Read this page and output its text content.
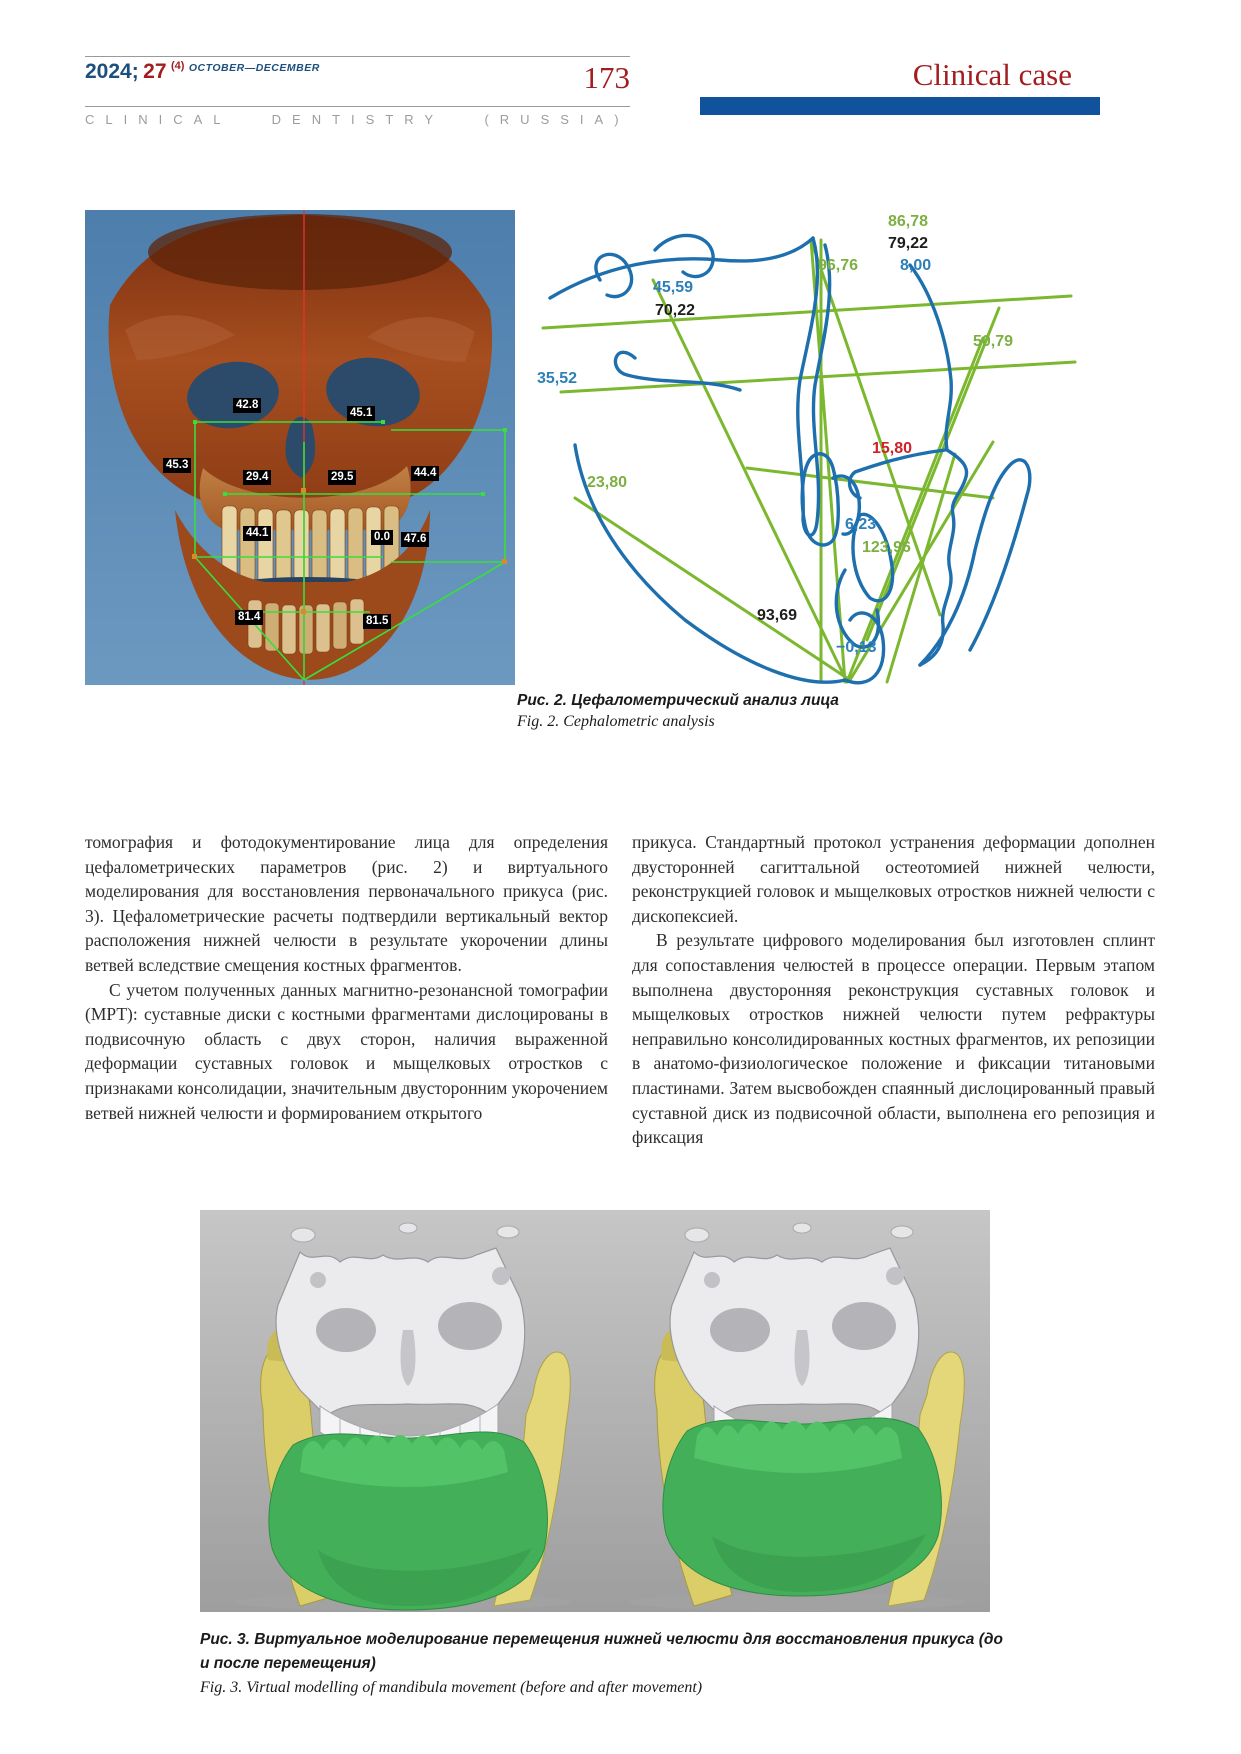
2024; 27 $^{(4)}$ $^{OCTOBER—DECEMBER}$	173
CLINICAL DENTISTRY (RUSSIA)
Clinical case
42.8
45.1
45.3
29.4	29.5	44.4
44.1	0.0 47.6
81.4	81.5
86,78
79,22
8,00
96,76
45,59
70,22
50,79
35,52
15,80
23,80
6,23
123,96
93,69
−0,13
Рис. 2. Цефалометрический анализ лица
Fig. 2. Cephalometric analysis

томография и фотодокументирование лица для определения цефалометрических параметров (рис. 2) и виртуального моделирования для восстановления первоначального прикуса (рис. 3). Цефалометрические расчеты подтвердили вертикальный вектор расположения нижней челюсти в результате укорочении длины ветвей вследствие смещения костных фрагментов.

С учетом полученных данных магнитно-резонансной томографии (МРТ): суставные диски с костными фрагментами дислоцированы в подвисочную область с двух сторон, наличия выраженной деформации суставных головок и мыщелковых отростков с признаками консолидации, значительным двусторонним укорочением ветвей нижней челюсти и формированием открытого

прикуса. Стандартный протокол устранения деформации дополнен двусторонней сагиттальной остеотомией нижней челюсти, реконструкцией головок и мыщелковых отростков нижней челюсти с дископексией.

В результате цифрового моделирования был изготовлен сплинт для сопоставления челюстей в процессе операции. Первым этапом выполнена двусторонняя реконструкция суставных головок и мыщелковых отростков нижней челюсти путем рефрактуры неправильно консолидированных костных фрагментов, их репозиции в анатомо-физиологическое положение и фиксации титановыми пластинами. Затем высвобожден спаянный дислоцированный правый суставной диск из подвисочной области, выполнена его репозиция и фиксация

Рис. 3. Виртуальное моделирование перемещения нижней челюсти для восстановления прикуса (до и после перемещения)
Fig. 3. Virtual modelling of mandibula movement (before and after movement)
